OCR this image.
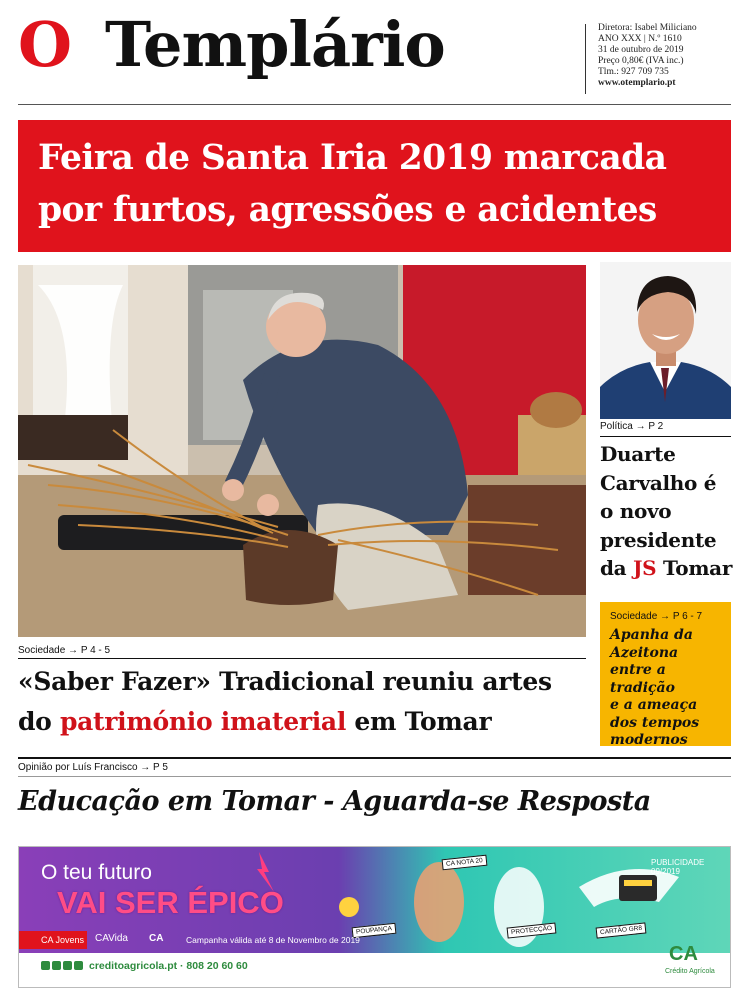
O Templário	Diretora: Isabel Miliciano
ANO XXX | N.º 1610
31 de outubro de 2019
Preço 0,80€ (IVA inc.)
Tlm.: 927 709 735
www.otemplario.pt
Feira de Santa Iria 2019 marcada
por furtos, agressões e acidentes
Sociedade → P 4 - 5
«Saber Fazer» Tradicional reuniu artes
do património imaterial em Tomar
Política → P 2
Duarte
Carvalho é
o novo
presidente
da JS Tomar
Sociedade → P 6 - 7
Apanha da
Azeitona
entre a tradição
e a ameaça
dos tempos
modernos
Opinião por Luís Francisco → P 5
Educação em Tomar - Aguarda-se Resposta
O teu futuro
VAI SER ÉPICO
PUBLICIDADE 09/2019
CA NOTA 20
POUPANÇA	PROTECÇÃO	CARTÃO GR8
CA Jovens CAVida CA	Campanha válida até 8 de Novembro de 2019
creditoagricola.pt · 808 20 60 60
CA
Crédito Agrícola
